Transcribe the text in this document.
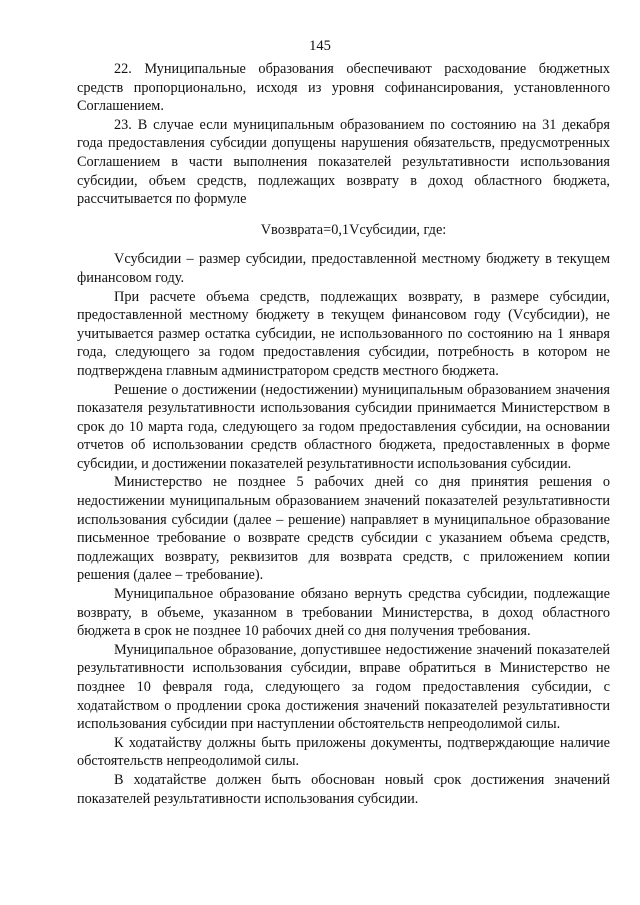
145

22. Муниципальные образования обеспечивают расходование бюджетных средств пропорционально, исходя из уровня софинансирования, установленного Соглашением.

23. В случае если муниципальным образованием по состоянию на 31 декабря года предоставления субсидии допущены нарушения обязательств, предусмотренных Соглашением в части выполнения показателей результативности использования субсидии, объем средств, подлежащих возврату в доход областного бюджета, рассчитывается по формуле

Vвозврата=0,1Vсубсидии, где:

Vсубсидии – размер субсидии, предоставленной местному бюджету в текущем финансовом году.

При расчете объема средств, подлежащих возврату, в размере субсидии, предоставленной местному бюджету в текущем финансовом году (Vсубсидии), не учитывается размер остатка субсидии, не использованного по состоянию на 1 января года, следующего за годом предоставления субсидии, потребность в котором не подтверждена главным администратором средств местного бюджета.

Решение о достижении (недостижении) муниципальным образованием значения показателя результативности использования субсидии принимается Министерством в срок до 10 марта года, следующего за годом предоставления субсидии, на основании отчетов об использовании средств областного бюджета, предоставленных в форме субсидии, и достижении показателей результативности использования субсидии.

Министерство не позднее 5 рабочих дней со дня принятия решения о недостижении муниципальным образованием значений показателей результативности использования субсидии (далее – решение) направляет в муниципальное образование письменное требование о возврате средств субсидии с указанием объема средств, подлежащих возврату, реквизитов для возврата средств, с приложением копии решения (далее – требование).

Муниципальное образование обязано вернуть средства субсидии, подлежащие возврату, в объеме, указанном в требовании Министерства, в доход областного бюджета в срок не позднее 10 рабочих дней со дня получения требования.

Муниципальное образование, допустившее недостижение значений показателей результативности использования субсидии, вправе обратиться в Министерство не позднее 10 февраля года, следующего за годом предоставления субсидии, с ходатайством о продлении срока достижения значений показателей результативности использования субсидии при наступлении обстоятельств непреодолимой силы.

К ходатайству должны быть приложены документы, подтверждающие наличие обстоятельств непреодолимой силы.

В ходатайстве должен быть обоснован новый срок достижения значений показателей результативности использования субсидии.
